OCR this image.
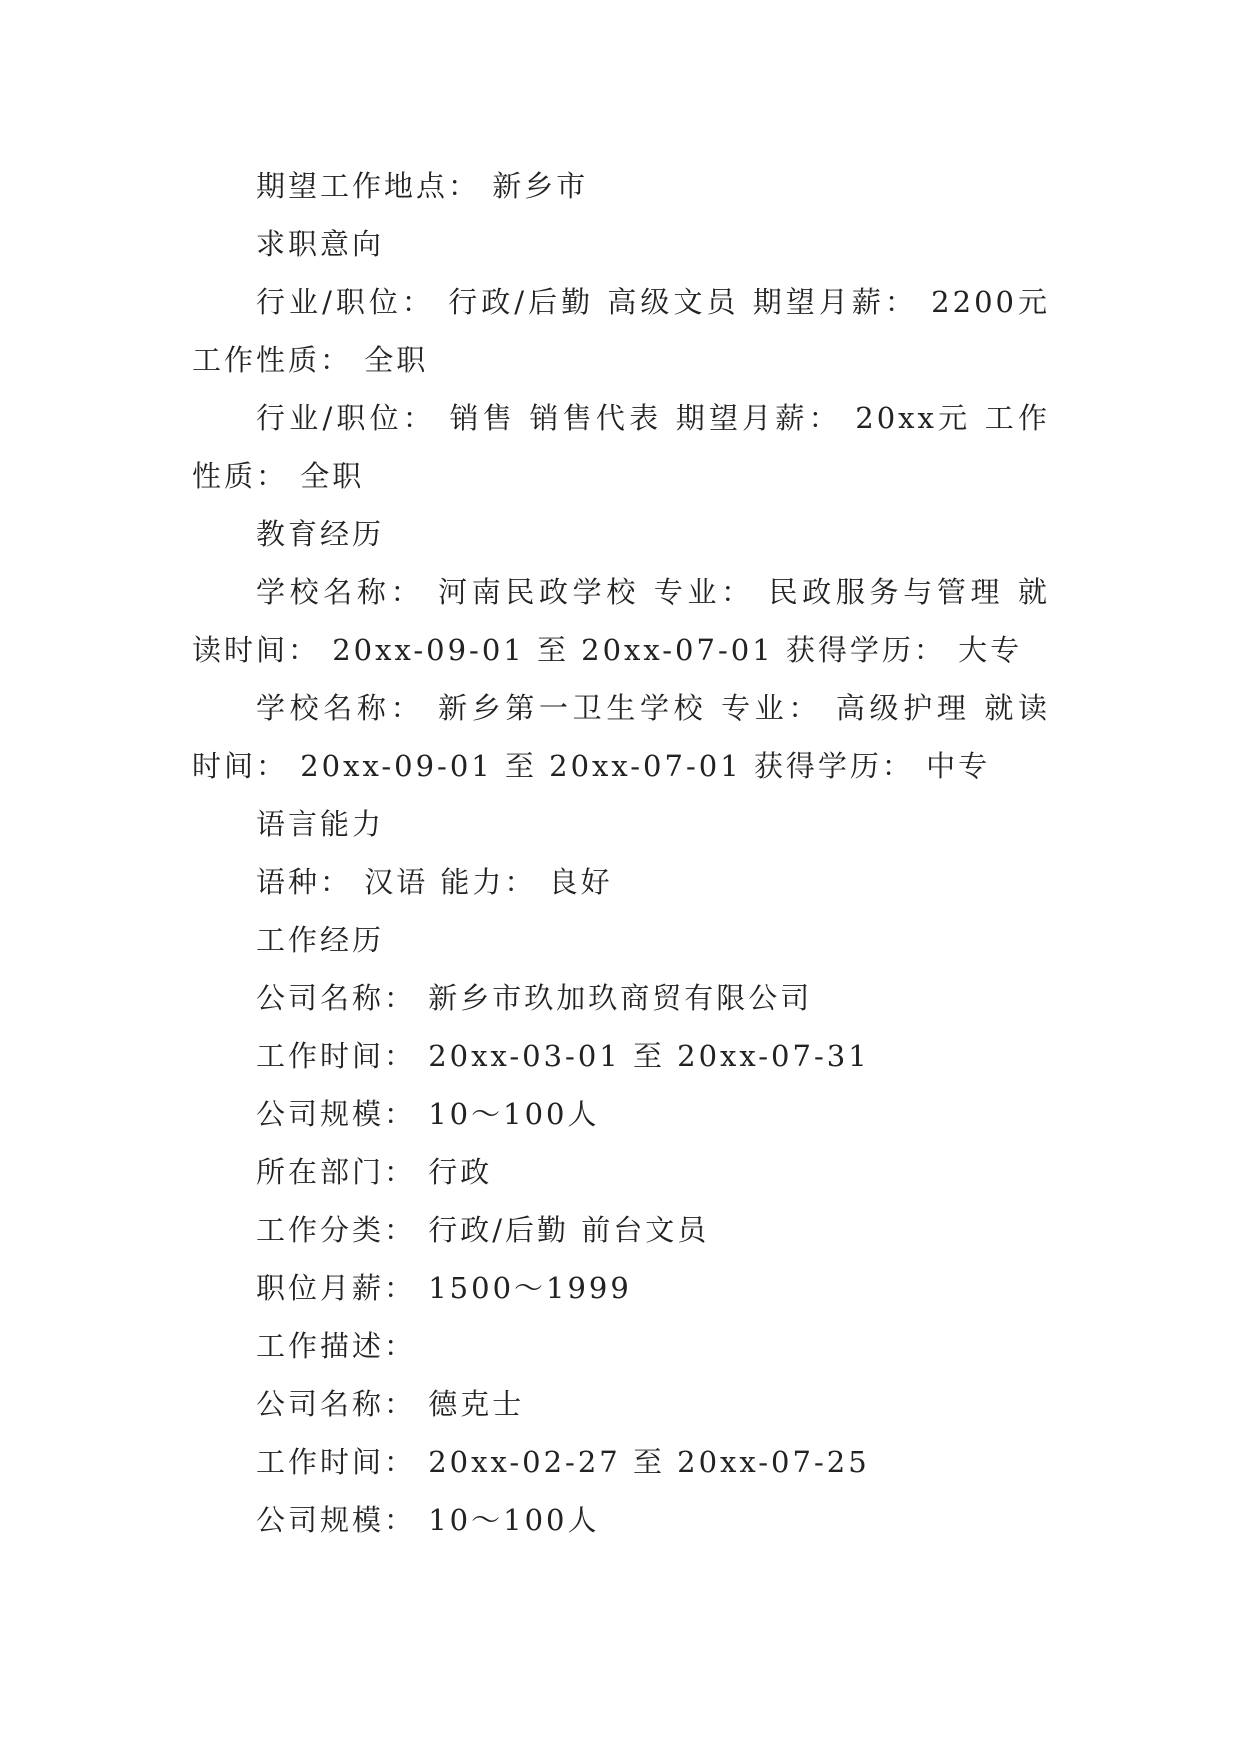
期望工作地点： 新乡市
求职意向
行业/职位： 行政/后勤 高级文员 期望月薪： 2200元
工作性质： 全职
行业/职位： 销售 销售代表 期望月薪： 20xx元 工作
性质： 全职
教育经历
学校名称： 河南民政学校 专业： 民政服务与管理 就
读时间： 20xx-09-01 至 20xx-07-01 获得学历： 大专
学校名称： 新乡第一卫生学校 专业： 高级护理 就读
时间： 20xx-09-01 至 20xx-07-01 获得学历： 中专
语言能力
语种： 汉语 能力： 良好
工作经历
公司名称： 新乡市玖加玖商贸有限公司
工作时间： 20xx-03-01 至 20xx-07-31
公司规模： 10～100人
所在部门： 行政
工作分类： 行政/后勤 前台文员
职位月薪： 1500～1999
工作描述：
公司名称： 德克士
工作时间： 20xx-02-27 至 20xx-07-25
公司规模： 10～100人
